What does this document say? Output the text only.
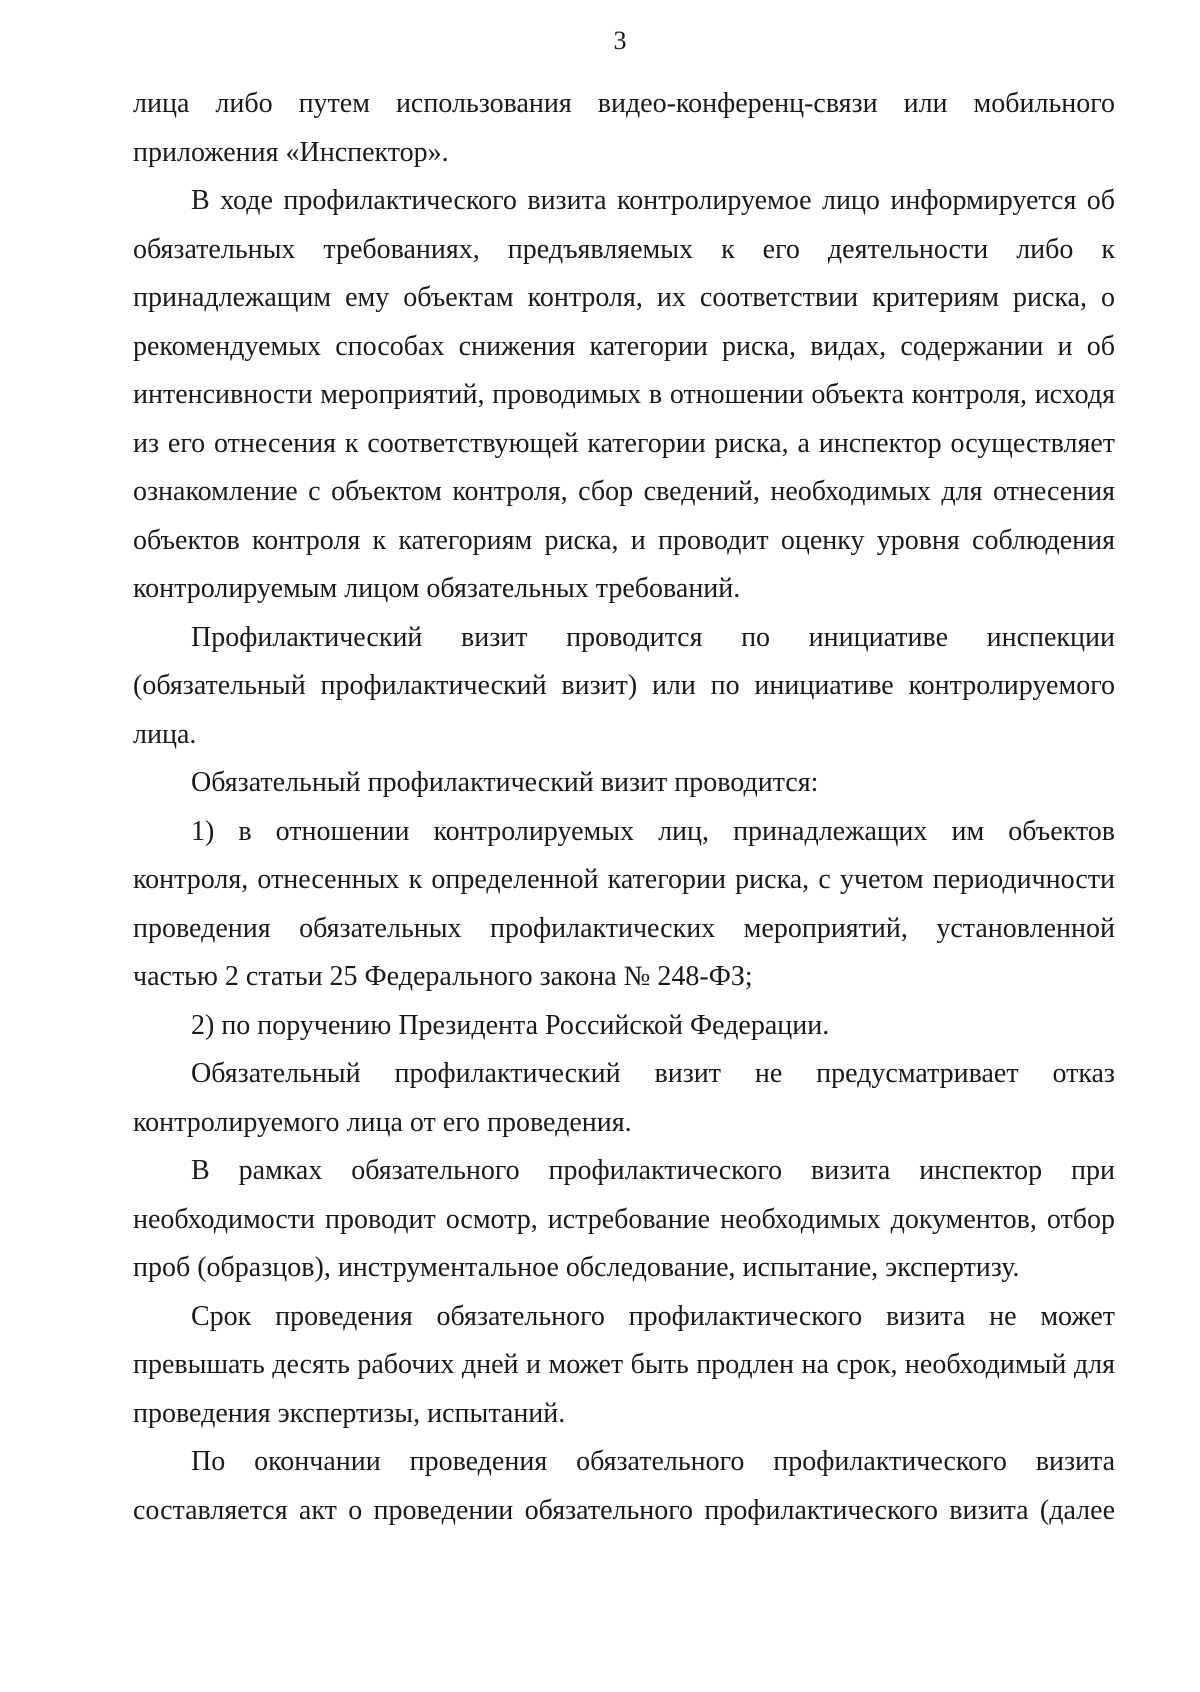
3

лица либо путем использования видео-конференц-связи или мобильного приложения «Инспектор».

В ходе профилактического визита контролируемое лицо информируется об обязательных требованиях, предъявляемых к его деятельности либо к принадлежащим ему объектам контроля, их соответствии критериям риска, о рекомендуемых способах снижения категории риска, видах, содержании и об интенсивности мероприятий, проводимых в отношении объекта контроля, исходя из его отнесения к соответствующей категории риска, а инспектор осуществляет ознакомление с объектом контроля, сбор сведений, необходимых для отнесения объектов контроля к категориям риска, и проводит оценку уровня соблюдения контролируемым лицом обязательных требований.

Профилактический визит проводится по инициативе инспекции (обязательный профилактический визит) или по инициативе контролируемого лица.

Обязательный профилактический визит проводится:

1) в отношении контролируемых лиц, принадлежащих им объектов контроля, отнесенных к определенной категории риска, с учетом периодичности проведения обязательных профилактических мероприятий, установленной частью 2 статьи 25 Федерального закона № 248-ФЗ;

2) по поручению Президента Российской Федерации.

Обязательный профилактический визит не предусматривает отказ контролируемого лица от его проведения.

В рамках обязательного профилактического визита инспектор при необходимости проводит осмотр, истребование необходимых документов, отбор проб (образцов), инструментальное обследование, испытание, экспертизу.

Срок проведения обязательного профилактического визита не может превышать десять рабочих дней и может быть продлен на срок, необходимый для проведения экспертизы, испытаний.

По окончании проведения обязательного профилактического визита составляется акт о проведении обязательного профилактического визита (далее
